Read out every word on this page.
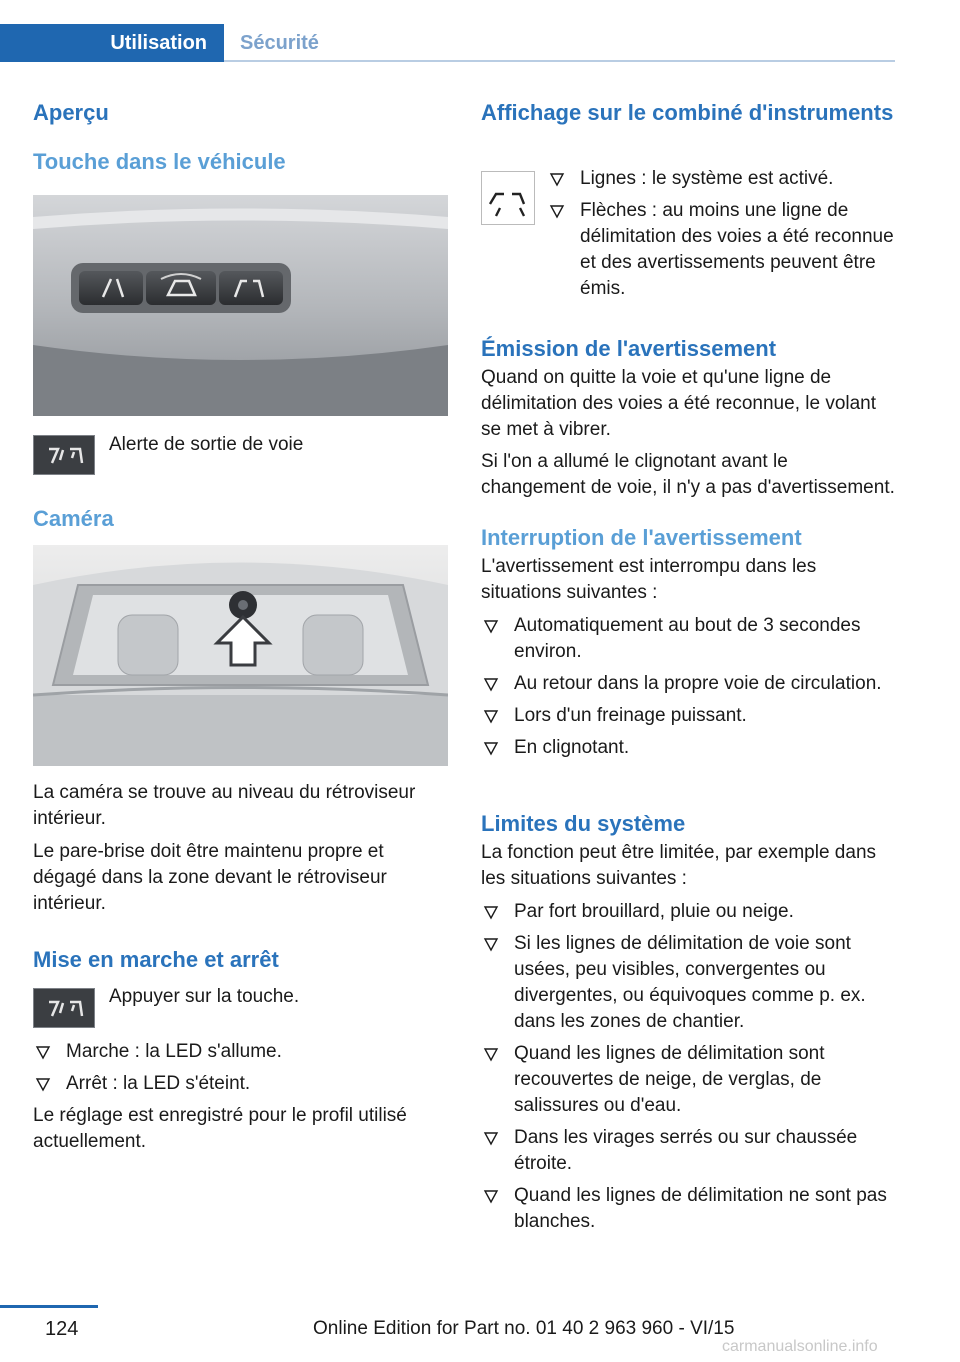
Utilisation	Sécurité
Aperçu
Touche dans le véhicule
Alerte de sortie de voie
Caméra

La caméra se trouve au niveau du rétroviseur intérieur.

Le pare-brise doit être maintenu propre et dégagé dans la zone devant le rétroviseur intérieur.

Mise en marche et arrêt
Appuyer sur la touche.
Marche : la LED s'allume.
Arrêt : la LED s'éteint.

Le réglage est enregistré pour le profil utilisé actuellement.

Affichage sur le combiné d'instruments
Lignes : le système est activé.
Flèches : au moins une ligne de délimitation des voies a été reconnue et des avertissements peuvent être émis.
Émission de l'avertissement

Quand on quitte la voie et qu'une ligne de délimitation des voies a été reconnue, le volant se met à vibrer.

Si l'on a allumé le clignotant avant le changement de voie, il n'y a pas d'avertissement.

Interruption de l'avertissement

L'avertissement est interrompu dans les situations suivantes :

Automatiquement au bout de 3 secondes environ.
Au retour dans la propre voie de circulation.
Lors d'un freinage puissant.
En clignotant.
Limites du système

La fonction peut être limitée, par exemple dans les situations suivantes :

Par fort brouillard, pluie ou neige.
Si les lignes de délimitation de voie sont usées, peu visibles, convergentes ou divergentes, ou équivoques comme p. ex. dans les zones de chantier.
Quand les lignes de délimitation sont recouvertes de neige, de verglas, de salissures ou d'eau.
Dans les virages serrés ou sur chaussée étroite.
Quand les lignes de délimitation ne sont pas blanches.
124	Online Edition for Part no. 01 40 2 963 960 - VI/15
carmanualsonline.info
